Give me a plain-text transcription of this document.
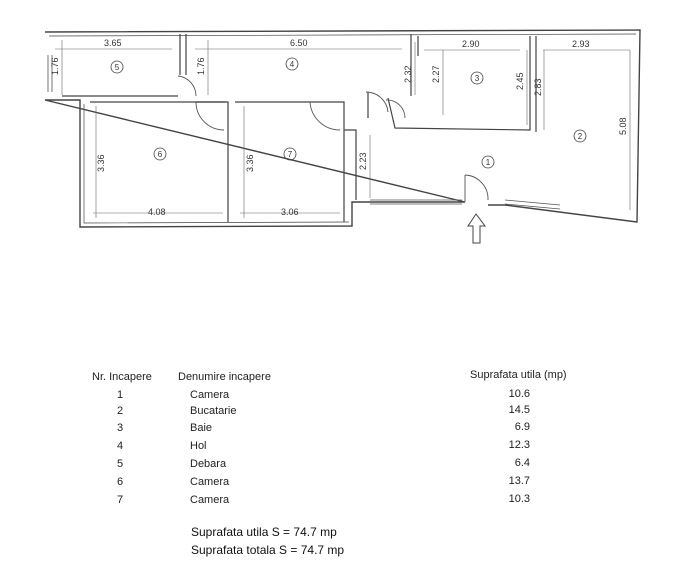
3.65	6.50	2.90	2.93
1.76	1.76	2.32 2.27	2.45 2.83
5.08
3.36	3.36	2.23
4.08	3.06
1
2
3
4
5
6	7
Nr. Incapere Denumire incapere	Suprafata utila (mp)
1	Camera	10.6
2	Bucatarie	14.5
3	Baie	6.9
4	Hol	12.3
5	Debara	6.4
6	Camera	13.7
7	Camera	10.3
Suprafata utila S = 74.7 mp
Suprafata totala S = 74.7 mp
